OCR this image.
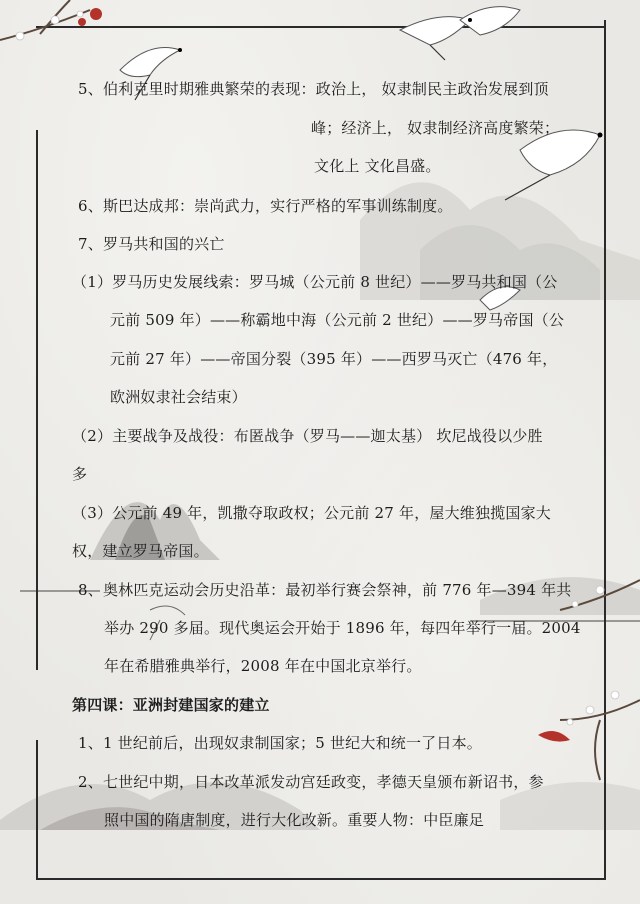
5、伯利克里时期雅典繁荣的表现：政治上， 奴隶制民主政治发展到顶
峰；经济上， 奴隶制经济高度繁荣；
文化上 文化昌盛。
6、斯巴达成邦：崇尚武力，实行严格的军事训练制度。
7、罗马共和国的兴亡
（1）罗马历史发展线索：罗马城（公元前 8 世纪）——罗马共和国（公
元前 509 年）——称霸地中海（公元前 2 世纪）——罗马帝国（公
元前 27 年）——帝国分裂（395 年）——西罗马灭亡（476 年，
欧洲奴隶社会结束）
（2）主要战争及战役：布匿战争（罗马——迦太基） 坎尼战役以少胜
多
（3）公元前 49 年，凯撒夺取政权；公元前 27 年，屋大维独揽国家大
权，建立罗马帝国。
8、奥林匹克运动会历史沿革：最初举行赛会祭神，前 776 年—394 年共
举办 290 多届。现代奥运会开始于 1896 年，每四年举行一届。2004
年在希腊雅典举行，2008 年在中国北京举行。
第四课：亚洲封建国家的建立
1、1 世纪前后，出现奴隶制国家；5 世纪大和统一了日本。
2、七世纪中期，日本改革派发动宫廷政变，孝德天皇颁布新诏书，参
照中国的隋唐制度，进行大化改新。重要人物：中臣廉足
